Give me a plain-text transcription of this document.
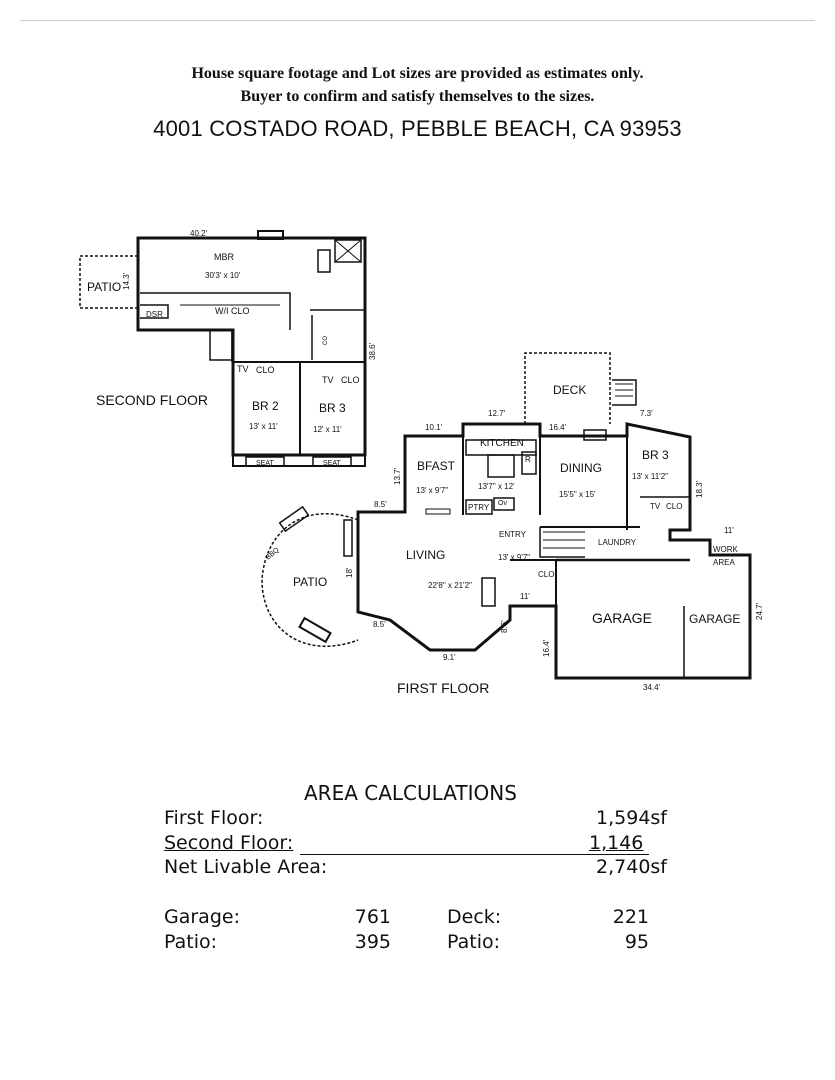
House square footage and Lot sizes are provided as estimates only.
Buyer to confirm and satisfy themselves to the sizes.
4001 COSTADO ROAD, PEBBLE BEACH, CA 93953
40.2'
14.3'
38.6'
30'3' x 10'
DSR
13' x 11'	12' x 11'
SEAT	SEAT
CO
MBR
W/I CLO
TV CLO
TV CLO
PATIO
BR 2	BR 3
SECOND FLOOR
12.7'
10.1'	16.4'
7.3'
13.7'
8.5'
18.3'
11'
18'
8.5'
11'
8.6'
9.1'
16.4'
34.4'
24.7'
13'7" x 12'
13' x 9'7"	15'5" x 15'
13' x 11'2"
TV CLO
PTRY Ov
R
ENTRY
13' x 9'7"
LAUNDRY
22'8" x 21'2"
BBQ
CLO
WORK
AREA
KITCHEN
DECK
BFAST	DINING
BR 3
LIVING
PATIO
GARAGE	GARAGE
FIRST FLOOR
AREA CALCULATIONS
First Floor:	1,594sf
Second Floor:	1,146
Net Livable Area:	2,740sf
Garage:	761	Deck:	221
Patio:	395	Patio:	95
